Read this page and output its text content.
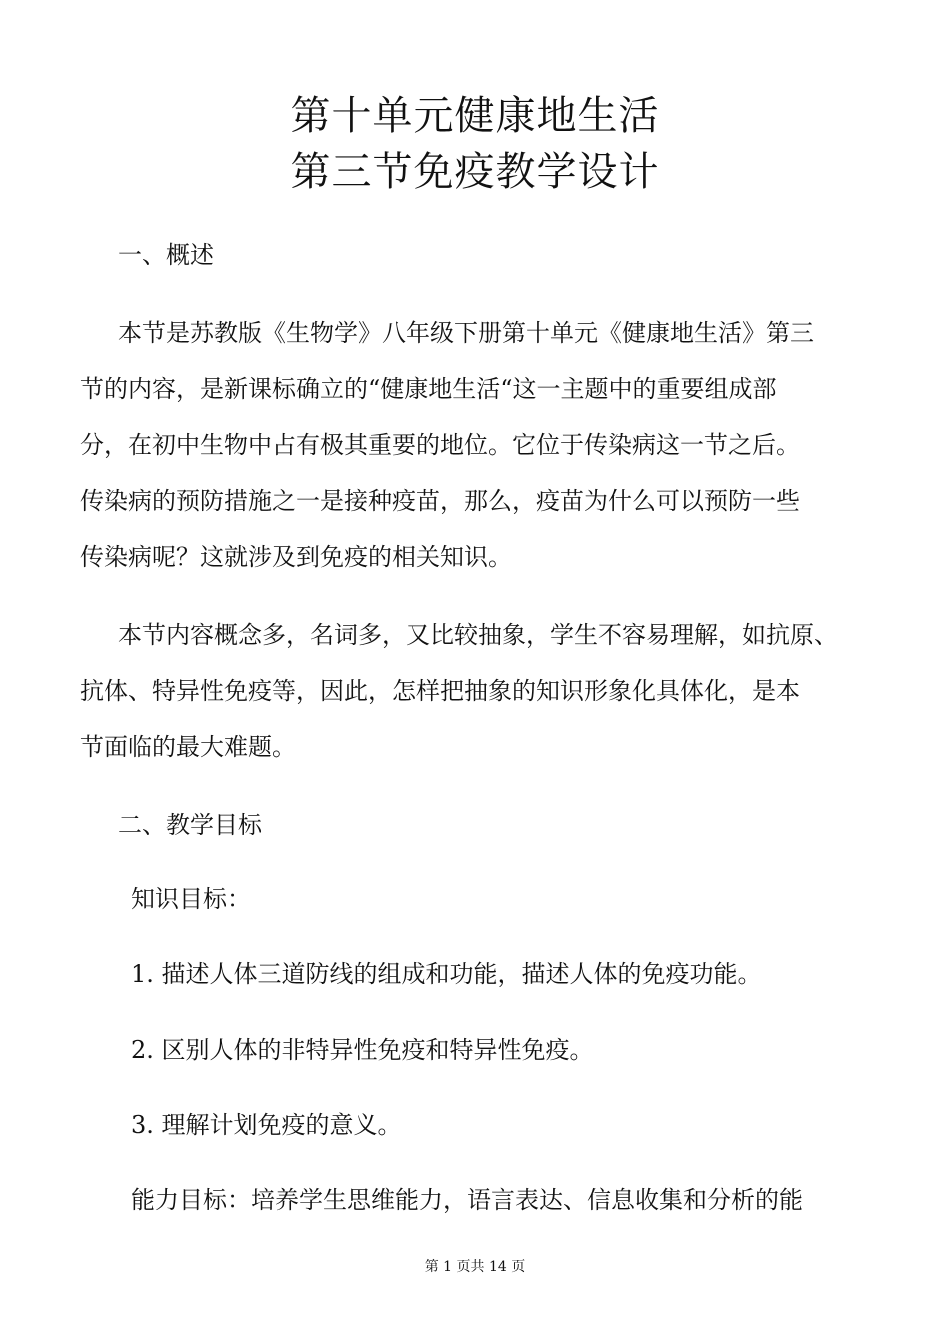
第十单元健康地生活
第三节免疫教学设计
一、概述
本节是苏教版《生物学》八年级下册第十单元《健康地生活》第三
节的内容，是新课标确立的“健康地生活“这一主题中的重要组成部
分，在初中生物中占有极其重要的地位。它位于传染病这一节之后。
传染病的预防措施之一是接种疫苗，那么，疫苗为什么可以预防一些
传染病呢？这就涉及到免疫的相关知识。
本节内容概念多，名词多，又比较抽象，学生不容易理解，如抗原、
抗体、特异性免疫等，因此，怎样把抽象的知识形象化具体化，是本
节面临的最大难题。
二、教学目标
知识目标：
1. 描述人体三道防线的组成和功能，描述人体的免疫功能。
2. 区别人体的非特异性免疫和特异性免疫。
3. 理解计划免疫的意义。
能力目标：培养学生思维能力，语言表达、信息收集和分析的能
第 1 页共 14 页
